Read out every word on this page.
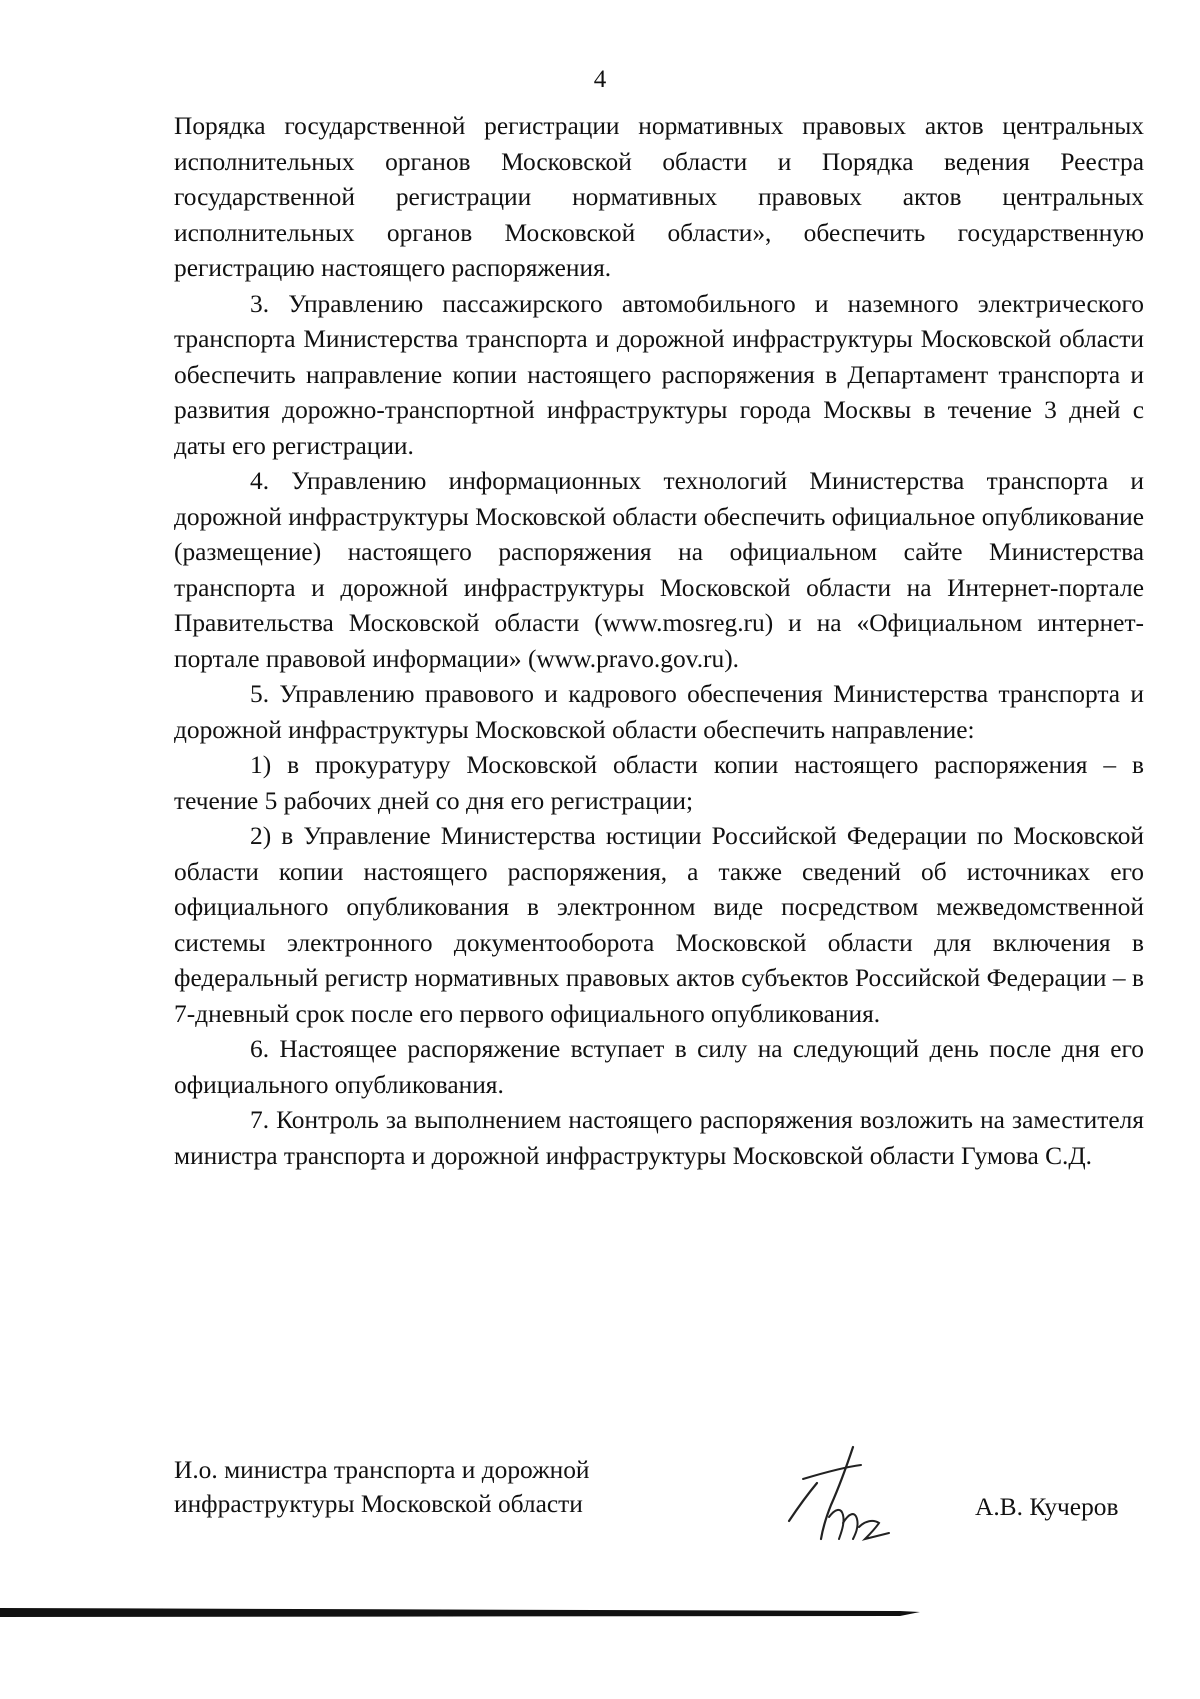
4

Порядка государственной регистрации нормативных правовых актов центральных исполнительных органов Московской области и Порядка ведения Реестра государственной регистрации нормативных правовых актов центральных исполнительных органов Московской области», обеспечить государственную регистрацию настоящего распоряжения.

3. Управлению пассажирского автомобильного и наземного электрического транспорта Министерства транспорта и дорожной инфраструктуры Московской области обеспечить направление копии настоящего распоряжения в Департамент транспорта и развития дорожно-транспортной инфраструктуры города Москвы в течение 3 дней с даты его регистрации.

4. Управлению информационных технологий Министерства транспорта и дорожной инфраструктуры Московской области обеспечить официальное опубликование (размещение) настоящего распоряжения на официальном сайте Министерства транспорта и дорожной инфраструктуры Московской области на Интернет-портале Правительства Московской области (www.mosreg.ru) и на «Официальном интернет-портале правовой информации» (www.pravo.gov.ru).

5. Управлению правового и кадрового обеспечения Министерства транспорта и дорожной инфраструктуры Московской области обеспечить направление:

1) в прокуратуру Московской области копии настоящего распоряжения – в течение 5 рабочих дней со дня его регистрации;

2) в Управление Министерства юстиции Российской Федерации по Московской области копии настоящего распоряжения, а также сведений об источниках его официального опубликования в электронном виде посредством межведомственной системы электронного документооборота Московской области для включения в федеральный регистр нормативных правовых актов субъектов Российской Федерации – в 7-дневный срок после его первого официального опубликования.

6. Настоящее распоряжение вступает в силу на следующий день после дня его официального опубликования.

7. Контроль за выполнением настоящего распоряжения возложить на заместителя министра транспорта и дорожной инфраструктуры Московской области Гумова С.Д.

И.о. министра транспорта и дорожной
инфраструктуры Московской области	А.В. Кучеров
